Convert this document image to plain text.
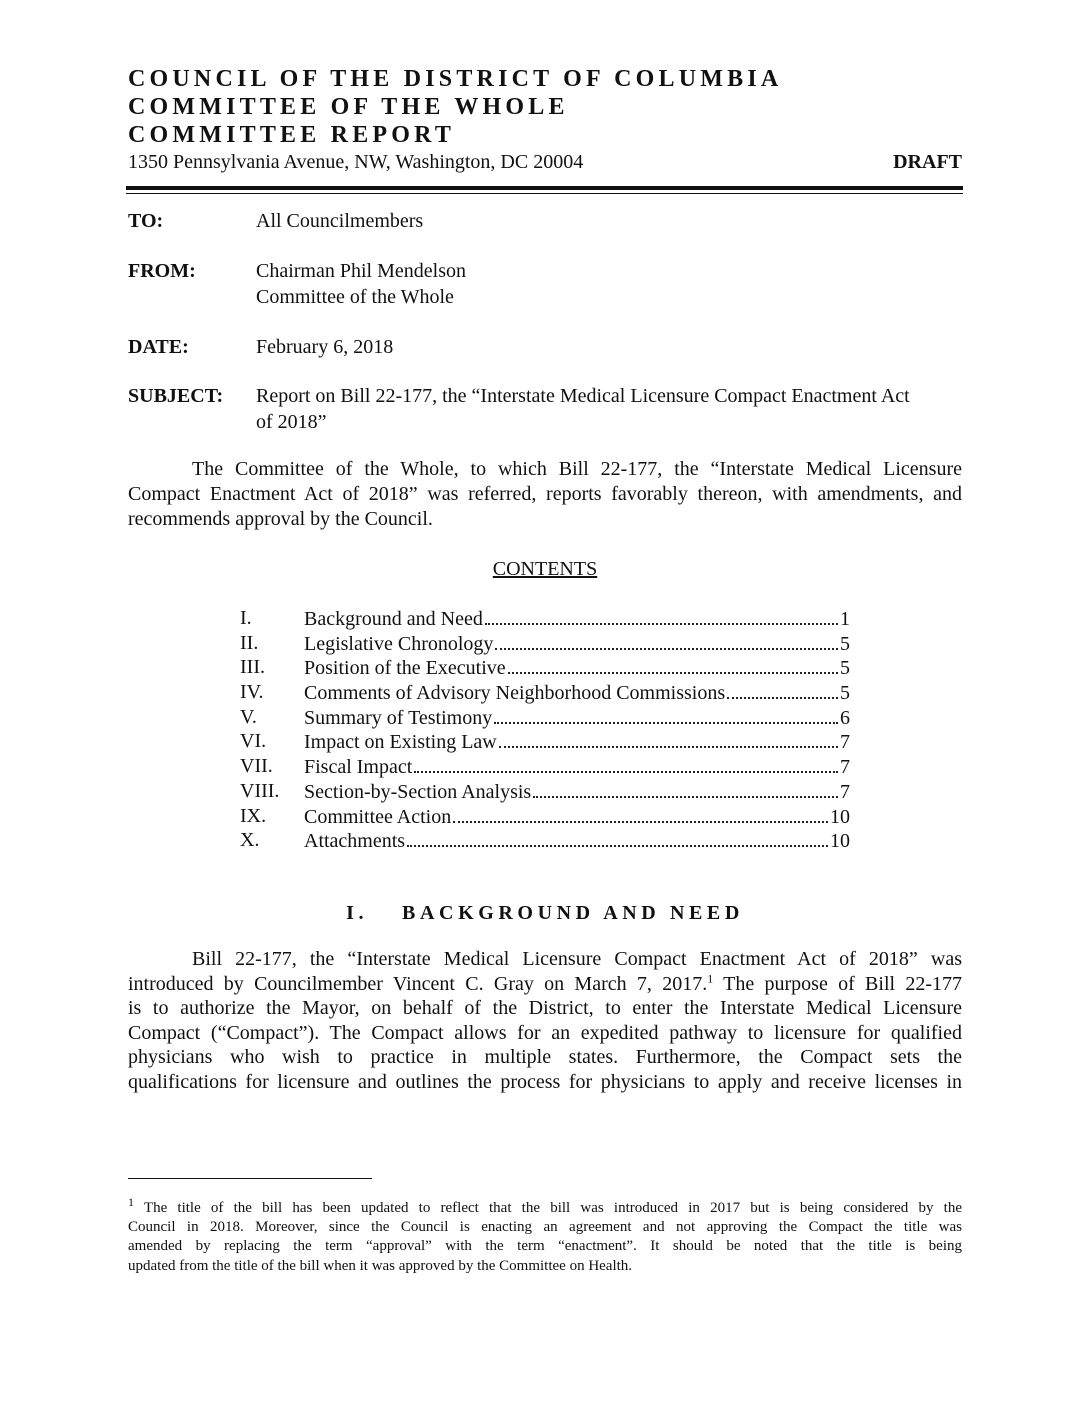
COUNCIL OF THE DISTRICT OF COLUMBIA
COMMITTEE OF THE WHOLE
COMMITTEE REPORT
1350 Pennsylvania Avenue, NW, Washington, DC 20004	DRAFT
TO:	All Councilmembers
FROM:	Chairman Phil Mendelson
Committee of the Whole
DATE:	February 6, 2018
SUBJECT: Report on Bill 22-177, the “Interstate Medical Licensure Compact Enactment Act
of 2018”
The Committee of the Whole, to which Bill 22-177, the “Interstate Medical Licensure
Compact Enactment Act of 2018” was referred, reports favorably thereon, with amendments, and
recommends approval by the Council.
CONTENTS
I.	Background and Need	1
II. Legislative Chronology	5
III. Position of the Executive	5
IV. Comments of Advisory Neighborhood Commissions	5
V. Summary of Testimony	6
VI. Impact on Existing Law	7
VII. Fiscal Impact	7
VIII. Section-by-Section Analysis	7
IX. Committee Action	10
X. Attachments	10
I. BACKGROUND AND NEED
Bill 22-177, the “Interstate Medical Licensure Compact Enactment Act of 2018” was
introduced by Councilmember Vincent C. Gray on March 7, 2017.$^1$ The purpose of Bill 22-177
is to authorize the Mayor, on behalf of the District, to enter the Interstate Medical Licensure
Compact (“Compact”). The Compact allows for an expedited pathway to licensure for qualified
physicians who wish to practice in multiple states. Furthermore, the Compact sets the
qualifications for licensure and outlines the process for physicians to apply and receive licenses in
$^1$ The title of the bill has been updated to reflect that the bill was introduced in 2017 but is being considered by the
Council in 2018. Moreover, since the Council is enacting an agreement and not approving the Compact the title was
amended by replacing the term “approval” with the term “enactment”. It should be noted that the title is being
updated from the title of the bill when it was approved by the Committee on Health.
